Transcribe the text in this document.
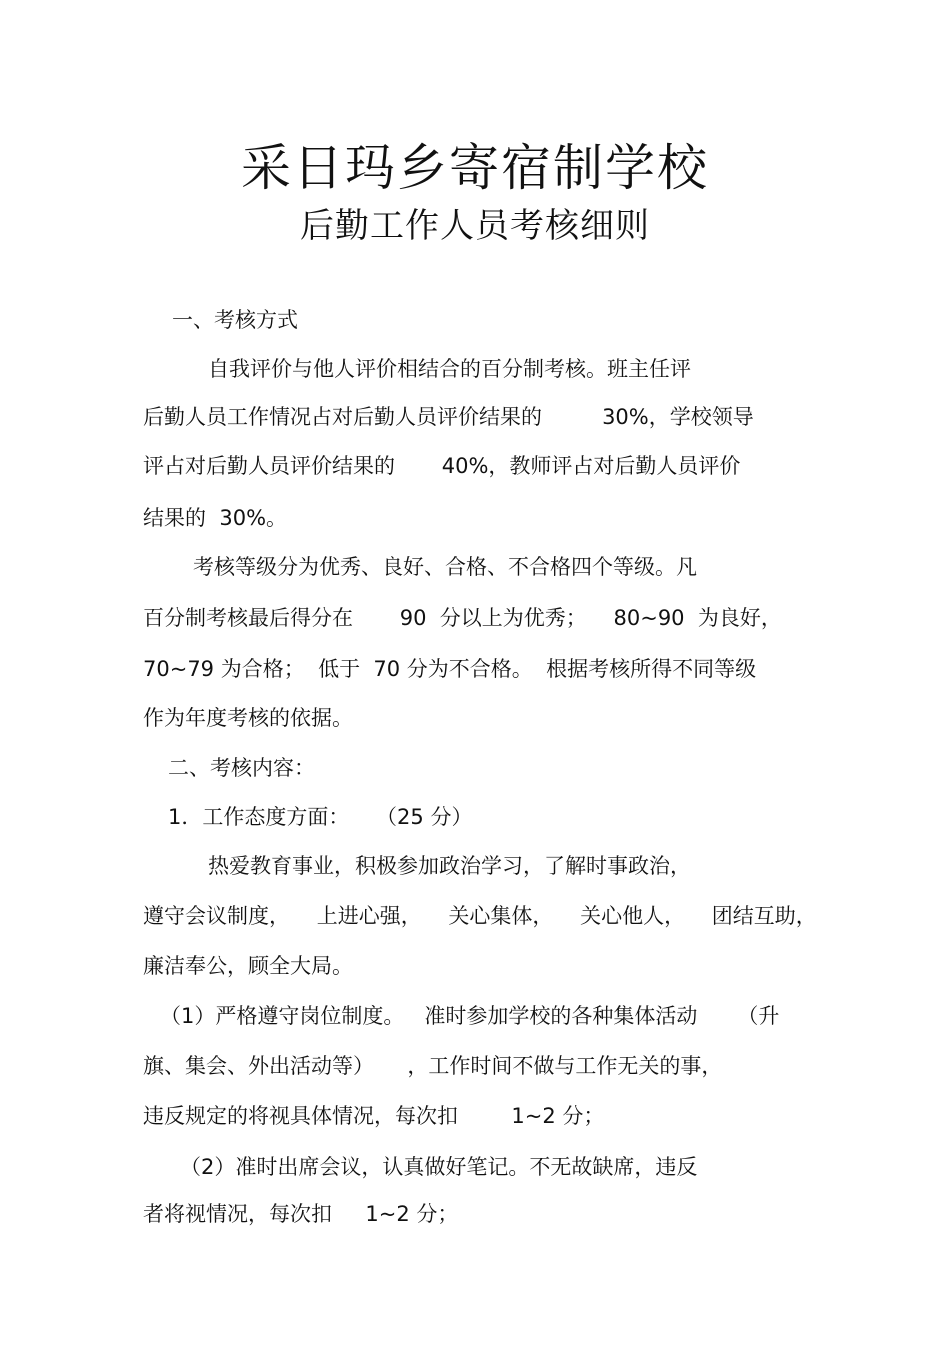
采日玛乡寄宿制学校
后勤工作人员考核细则

一、考核方式

自我评价与他人评价相结合的百分制考核。班主任评

后勤人员工作情况占对后勤人员评价结果的         30%，学校领导

评占对后勤人员评价结果的       40%，教师评占对后勤人员评价

结果的  30%。

考核等级分为优秀、良好、合格、不合格四个等级。凡

百分制考核最后得分在       90  分以上为优秀；    80~90  为良好，

70~79 为合格；  低于  70 分为不合格。  根据考核所得不同等级

作为年度考核的依据。

二、考核内容：

1．工作态度方面：    （25 分）

热爱教育事业，积极参加政治学习，了解时事政治，

遵守会议制度，    上进心强，    关心集体，    关心他人，    团结互助，

廉洁奉公，顾全大局。

（1）严格遵守岗位制度。   准时参加学校的各种集体活动      （升

旗、集会、外出活动等）     ，工作时间不做与工作无关的事，

违反规定的将视具体情况，每次扣        1~2 分；

（2）准时出席会议，认真做好笔记。不无故缺席，违反

者将视情况，每次扣     1~2 分；
